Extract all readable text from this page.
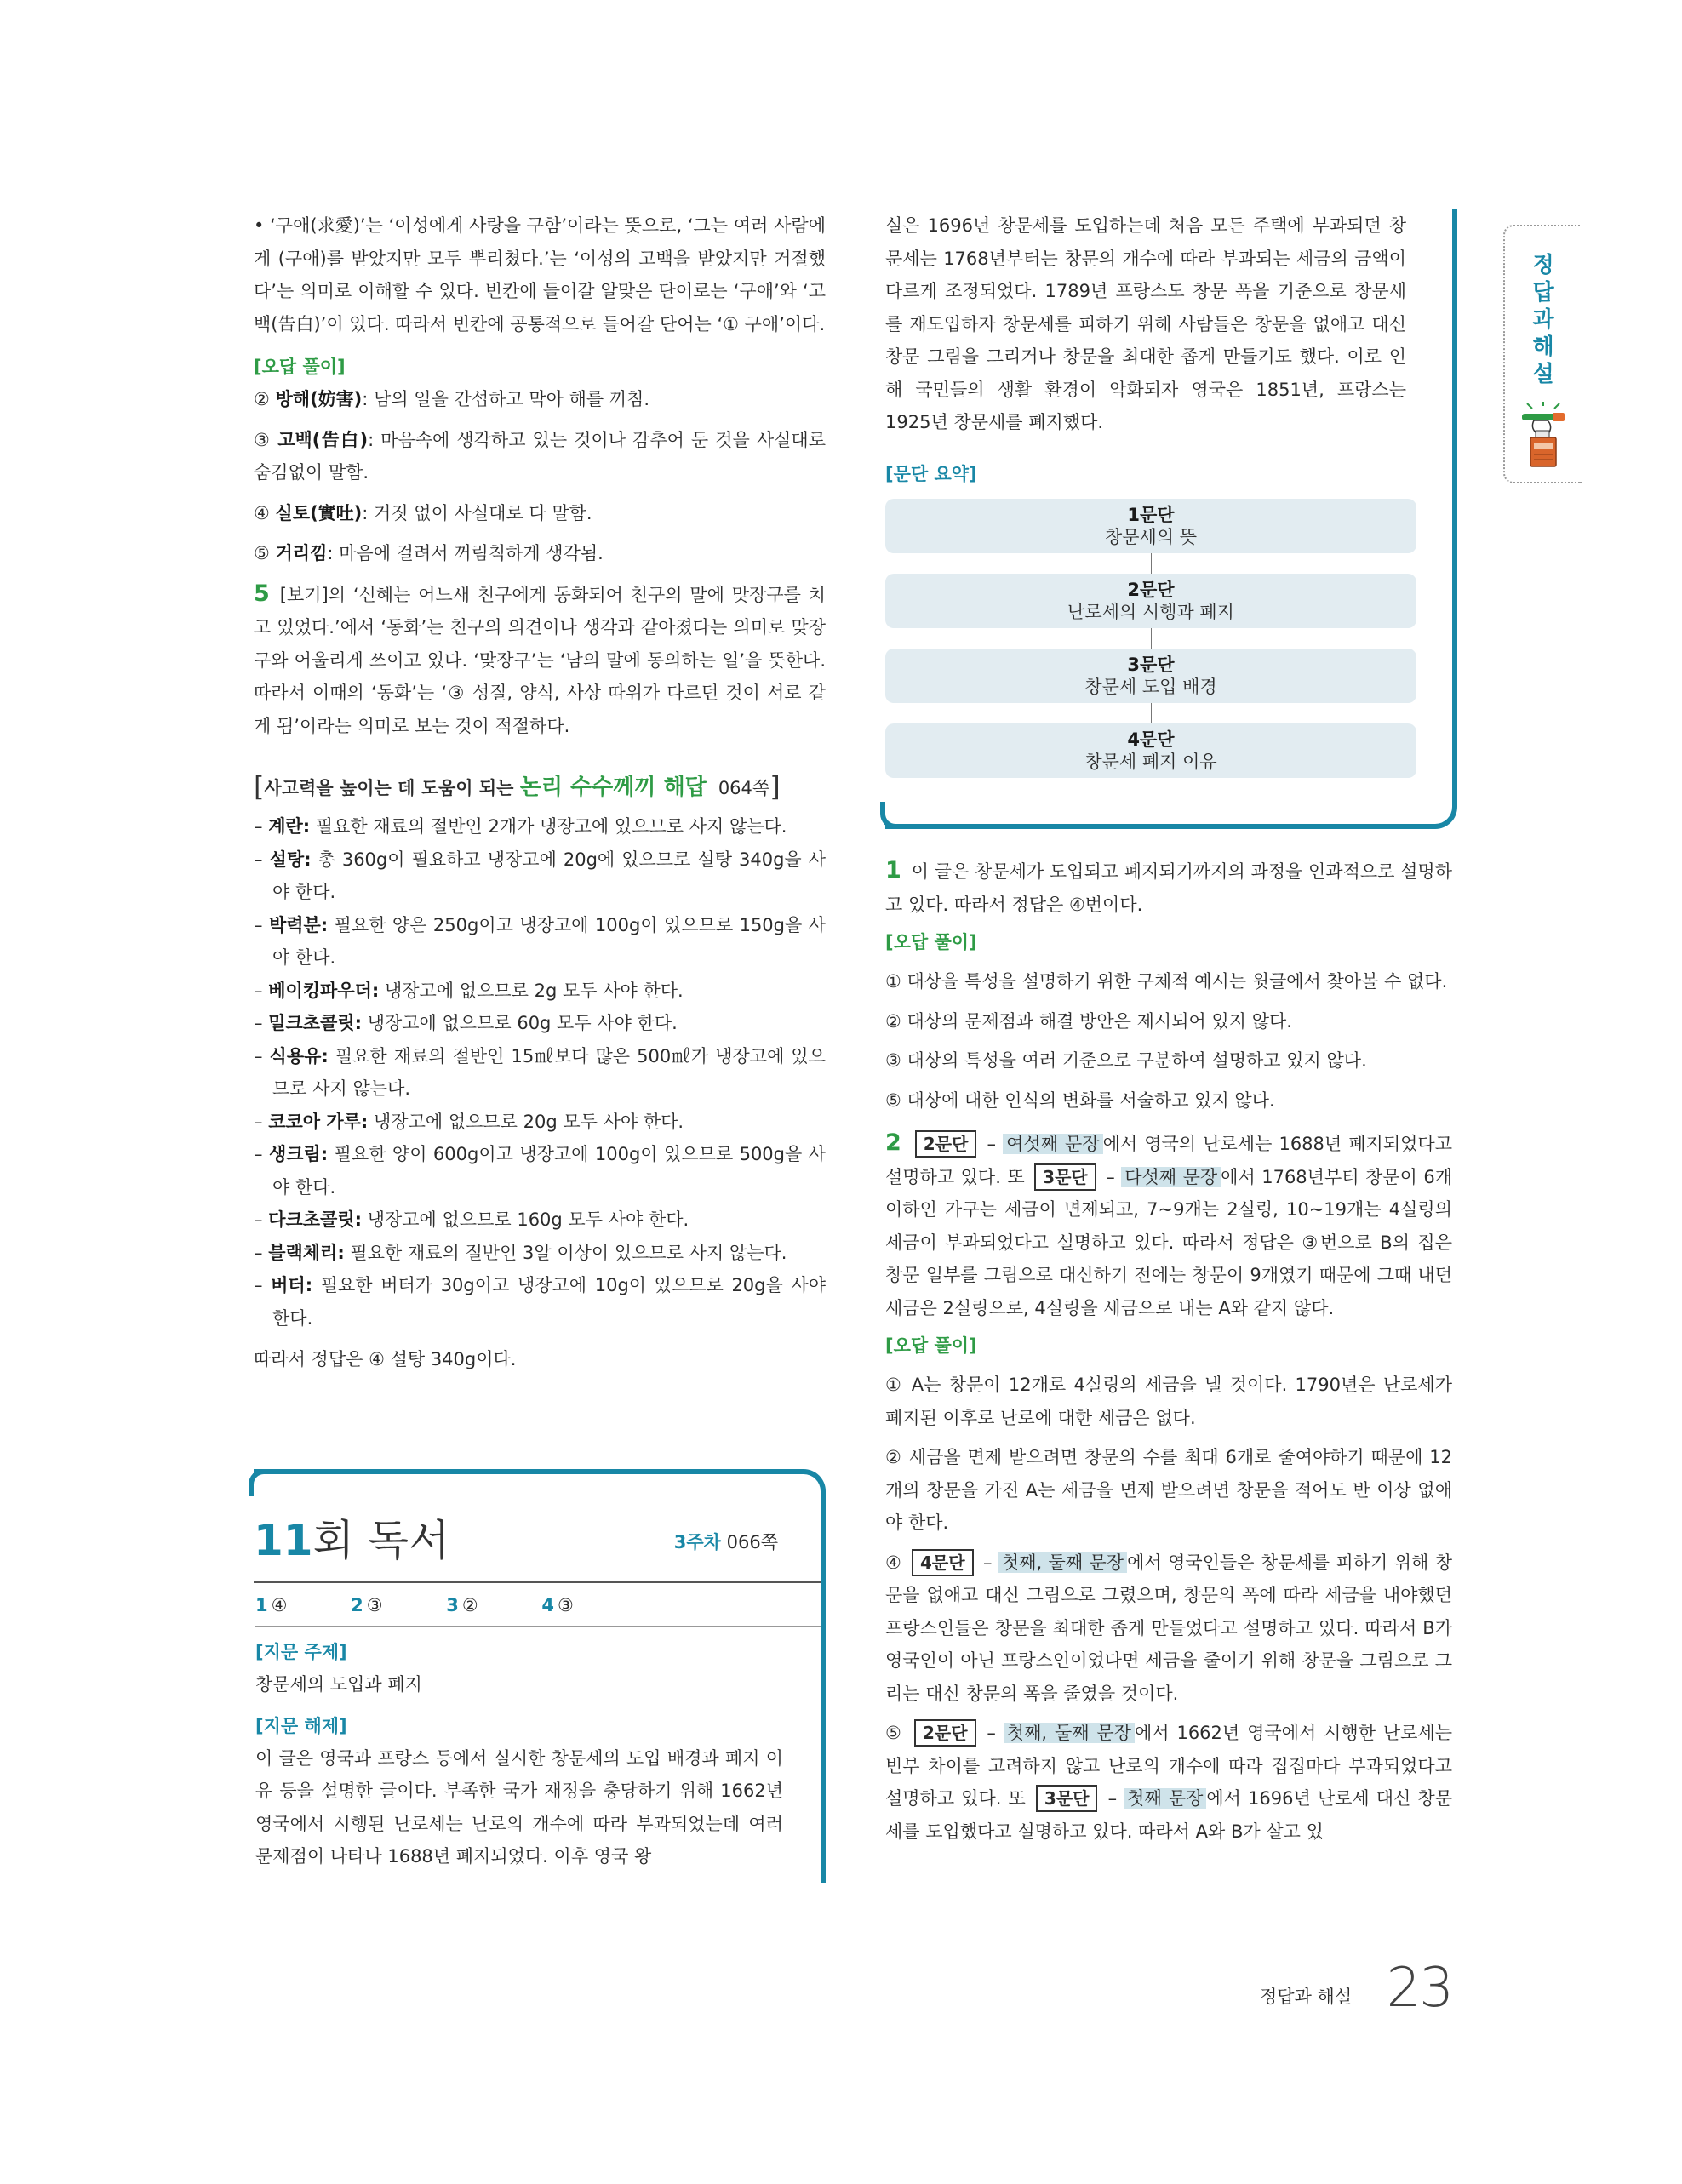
• ‘구애(求愛)’는 ‘이성에게 사랑을 구함’이라는 뜻으로, ‘그는 여러 사람에게 (구애)를 받았지만 모두 뿌리쳤다.’는 ‘이성의 고백을 받았지만 거절했다’는 의미로 이해할 수 있다. 빈칸에 들어갈 알맞은 단어로는 ‘구애’와 ‘고백(告白)’이 있다. 따라서 빈칸에 공통적으로 들어갈 단어는 ‘① 구애’이다.

[오답 풀이]
② 방해(妨害): 남의 일을 간섭하고 막아 해를 끼침.
③ 고백(告白): 마음속에 생각하고 있는 것이나 감추어 둔 것을 사실대로 숨김없이 말함.
④ 실토(實吐): 거짓 없이 사실대로 다 말함.
⑤ 거리낌: 마음에 걸려서 꺼림칙하게 생각됨.

5 [보기]의 ‘신혜는 어느새 친구에게 동화되어 친구의 말에 맞장구를 치고 있었다.’에서 ‘동화’는 친구의 의견이나 생각과 같아졌다는 의미로 맞장구와 어울리게 쓰이고 있다. ‘맞장구’는 ‘남의 말에 동의하는 일’을 뜻한다. 따라서 이때의 ‘동화’는 ‘③ 성질, 양식, 사상 따위가 다르던 것이 서로 같게 됨’이라는 의미로 보는 것이 적절하다.

[사고력을 높이는 데 도움이 되는 논리 수수께끼 해답 064쪽]
– 계란: 필요한 재료의 절반인 2개가 냉장고에 있으므로 사지 않는다.
– 설탕: 총 360g이 필요하고 냉장고에 20g에 있으므로 설탕 340g을 사야 한다.
– 박력분: 필요한 양은 250g이고 냉장고에 100g이 있으므로 150g을 사야 한다.
– 베이킹파우더: 냉장고에 없으므로 2g 모두 사야 한다.
– 밀크초콜릿: 냉장고에 없으므로 60g 모두 사야 한다.
– 식용유: 필요한 재료의 절반인 15㎖보다 많은 500㎖가 냉장고에 있으므로 사지 않는다.
– 코코아 가루: 냉장고에 없으므로 20g 모두 사야 한다.
– 생크림: 필요한 양이 600g이고 냉장고에 100g이 있으므로 500g을 사야 한다.
– 다크초콜릿: 냉장고에 없으므로 160g 모두 사야 한다.
– 블랙체리: 필요한 재료의 절반인 3알 이상이 있으므로 사지 않는다.
– 버터: 필요한 버터가 30g이고 냉장고에 10g이 있으므로 20g을 사야 한다.

따라서 정답은 ④ 설탕 340g이다.

11회 독서	3주차 066쪽
1 ④	2 ③	3 ②	4 ③
[지문 주제]

창문세의 도입과 폐지

[지문 해제]

이 글은 영국과 프랑스 등에서 실시한 창문세의 도입 배경과 폐지 이유 등을 설명한 글이다. 부족한 국가 재정을 충당하기 위해 1662년 영국에서 시행된 난로세는 난로의 개수에 따라 부과되었는데 여러 문제점이 나타나 1688년 폐지되었다. 이후 영국 왕

실은 1696년 창문세를 도입하는데 처음 모든 주택에 부과되던 창문세는 1768년부터는 창문의 개수에 따라 부과되는 세금의 금액이 다르게 조정되었다. 1789년 프랑스도 창문 폭을 기준으로 창문세를 재도입하자 창문세를 피하기 위해 사람들은 창문을 없애고 대신 창문 그림을 그리거나 창문을 최대한 좁게 만들기도 했다. 이로 인해 국민들의 생활 환경이 악화되자 영국은 1851년, 프랑스는 1925년 창문세를 폐지했다.

[문단 요약]
1문단
창문세의 뜻
2문단
난로세의 시행과 폐지
3문단
창문세 도입 배경
4문단
창문세 폐지 이유

1 이 글은 창문세가 도입되고 폐지되기까지의 과정을 인과적으로 설명하고 있다. 따라서 정답은 ④번이다.

[오답 풀이]

① 대상을 특성을 설명하기 위한 구체적 예시는 윗글에서 찾아볼 수 없다.

② 대상의 문제점과 해결 방안은 제시되어 있지 않다.

③ 대상의 특성을 여러 기준으로 구분하여 설명하고 있지 않다.

⑤ 대상에 대한 인식의 변화를 서술하고 있지 않다.

2 2문단 – 여섯째 문장 에서 영국의 난로세는 1688년 폐지되었다고 설명하고 있다. 또 3문단 – 다섯째 문장 에서 1768년부터 창문이 6개 이하인 가구는 세금이 면제되고, 7~9개는 2실링, 10~19개는 4실링의 세금이 부과되었다고 설명하고 있다. 따라서 정답은 ③번으로 B의 집은 창문 일부를 그림으로 대신하기 전에는 창문이 9개였기 때문에 그때 내던 세금은 2실링으로, 4실링을 세금으로 내는 A와 같지 않다.

[오답 풀이]

① A는 창문이 12개로 4실링의 세금을 낼 것이다. 1790년은 난로세가 폐지된 이후로 난로에 대한 세금은 없다.

② 세금을 면제 받으려면 창문의 수를 최대 6개로 줄여야하기 때문에 12개의 창문을 가진 A는 세금을 면제 받으려면 창문을 적어도 반 이상 없애야 한다.

④ 4문단 – 첫째, 둘째 문장 에서 영국인들은 창문세를 피하기 위해 창문을 없애고 대신 그림으로 그렸으며, 창문의 폭에 따라 세금을 내야했던 프랑스인들은 창문을 최대한 좁게 만들었다고 설명하고 있다. 따라서 B가 영국인이 아닌 프랑스인이었다면 세금을 줄이기 위해 창문을 그림으로 그리는 대신 창문의 폭을 줄였을 것이다.

⑤ 2문단 – 첫째, 둘째 문장 에서 1662년 영국에서 시행한 난로세는 빈부 차이를 고려하지 않고 난로의 개수에 따라 집집마다 부과되었다고 설명하고 있다. 또 3문단 – 첫째 문장 에서 1696년 난로세 대신 창문세를 도입했다고 설명하고 있다. 따라서 A와 B가 살고 있

정
답
과
해
설
정답과 해설 23
